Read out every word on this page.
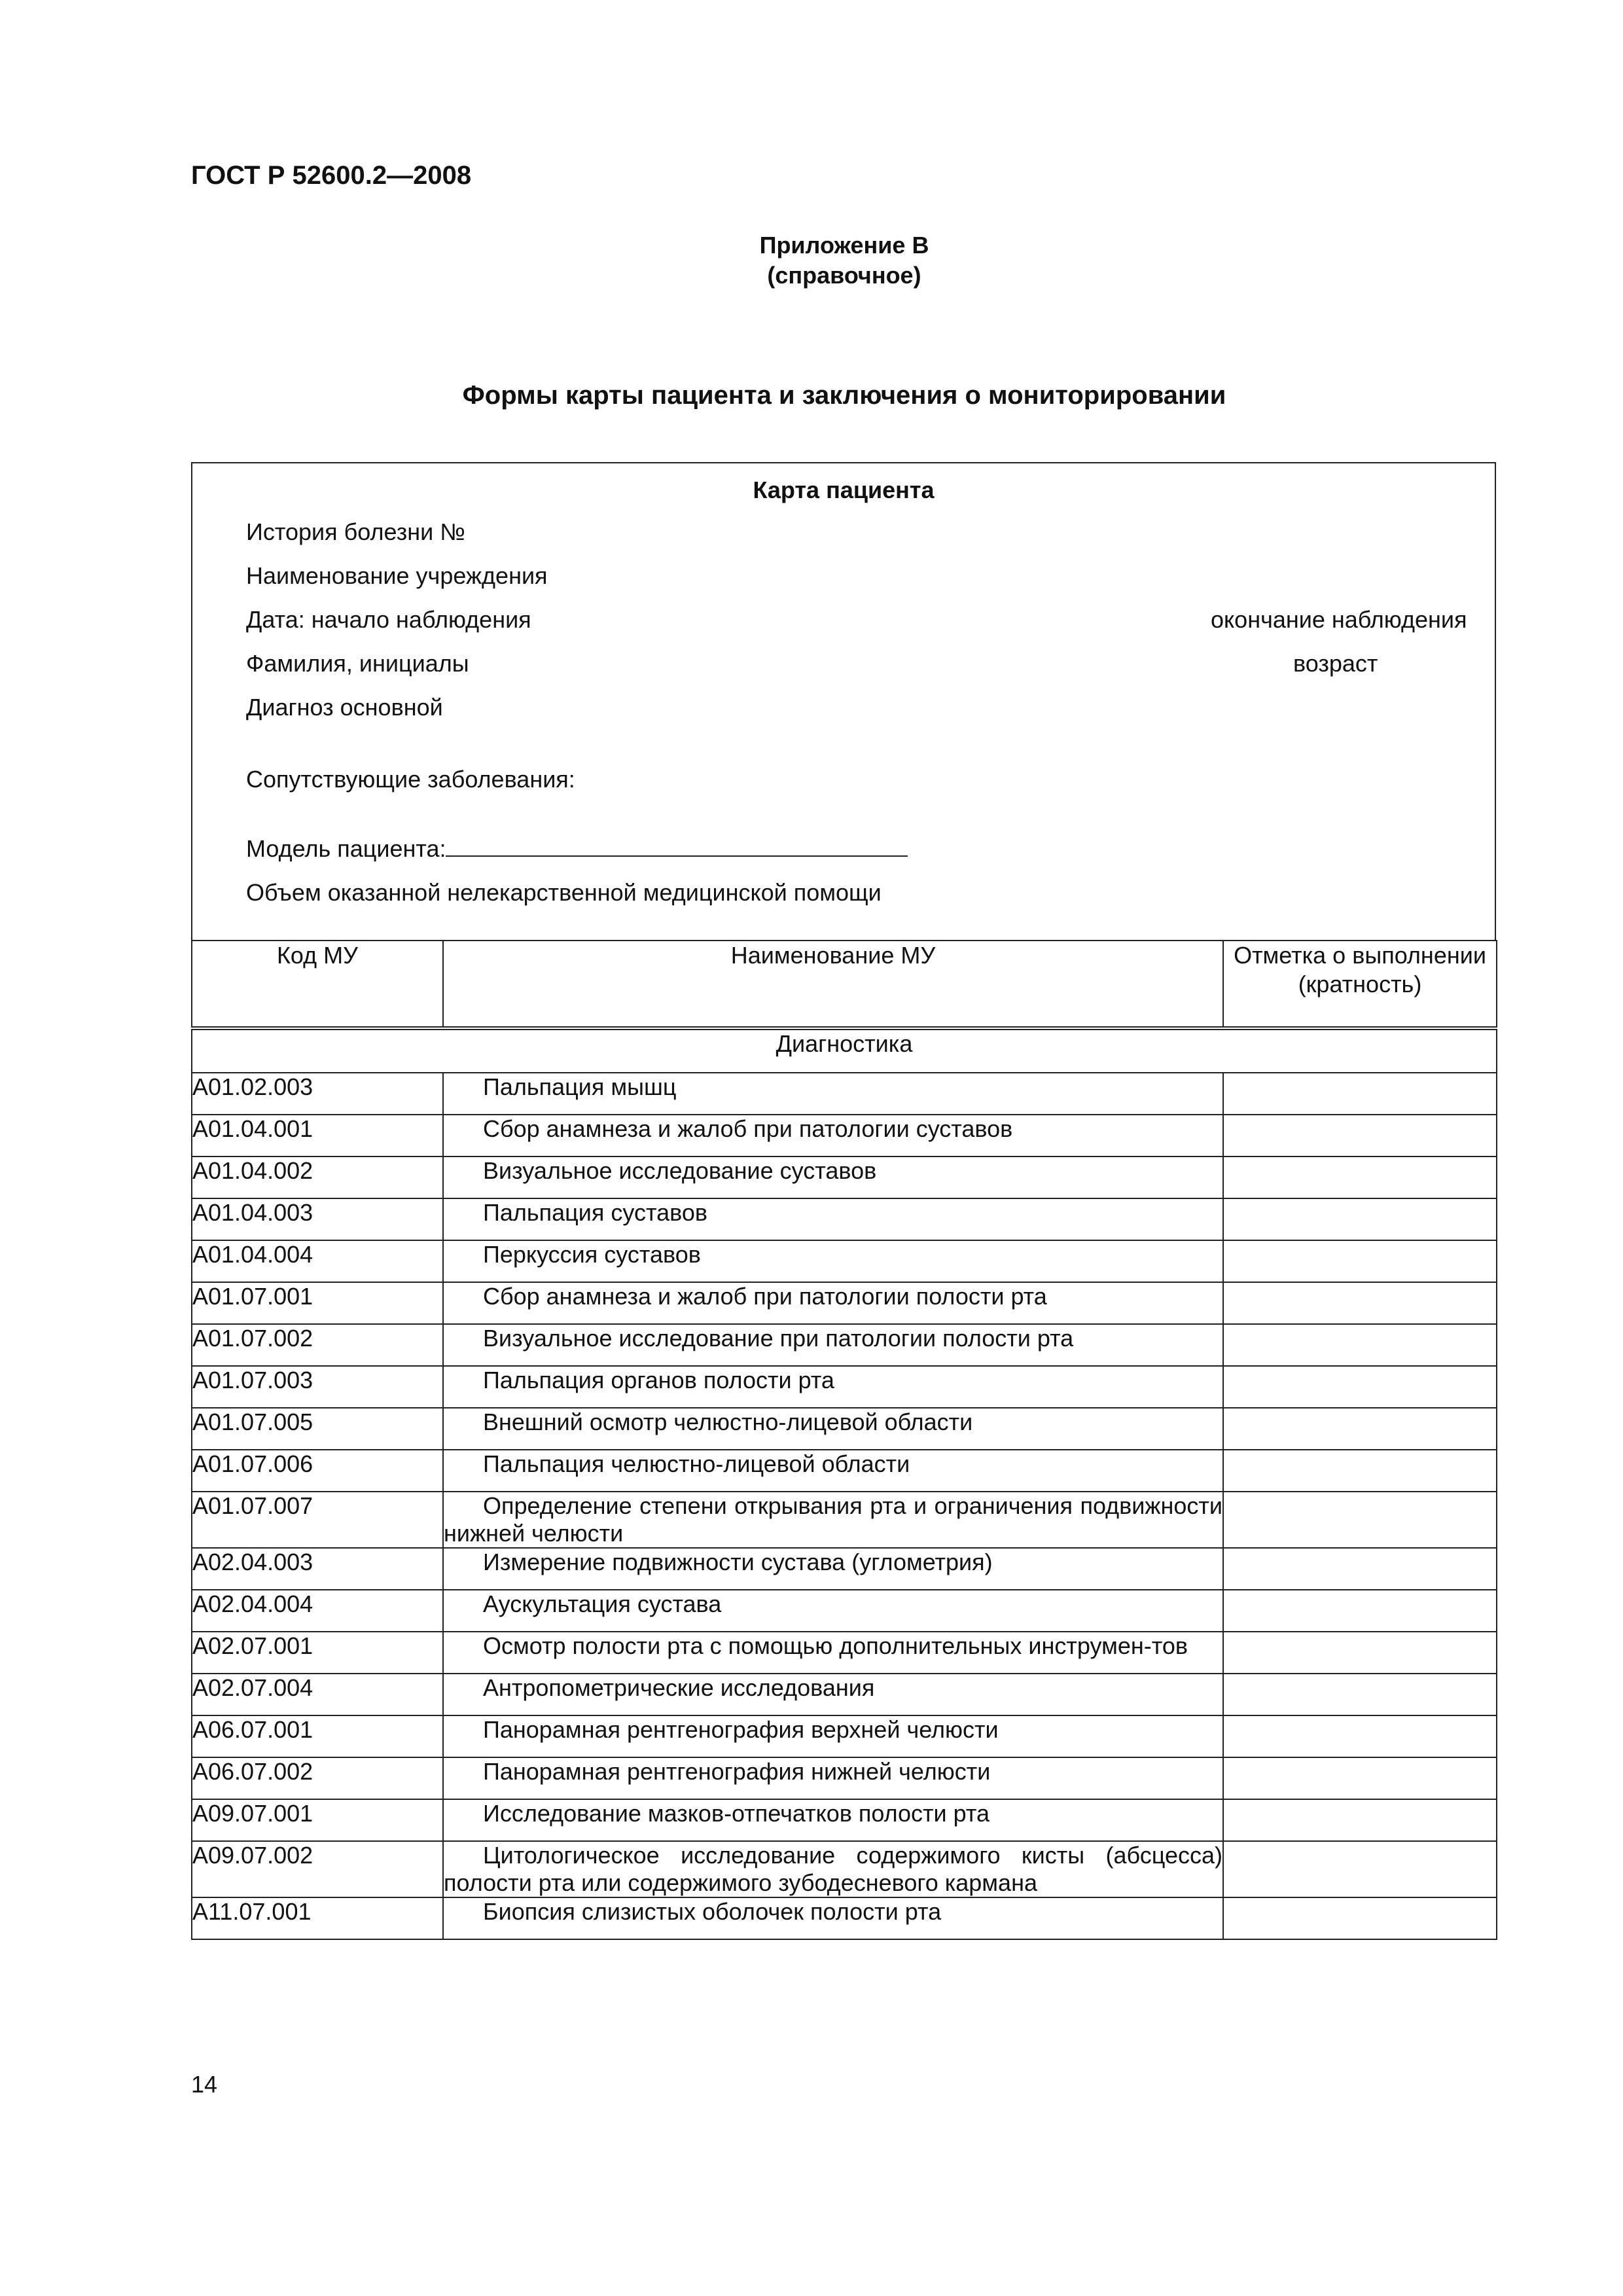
ГОСТ Р 52600.2—2008
Приложение В
(справочное)
Формы карты пациента и заключения о мониторировании
Карта пациента
История болезни №
Наименование учреждения
Дата: начало наблюдения	окончание наблюдения
Фамилия, инициалы	возраст
Диагноз основной
Сопутствующие заболевания:
Модель пациента:
Объем оказанной нелекарственной медицинской помощи
Код МУ	Наименование МУ	Отметка о выполнении (кратность)
Диагностика		
A01.02.003	Пальпация мышц	
A01.04.001	Сбор анамнеза и жалоб при патологии суставов	
A01.04.002	Визуальное исследование суставов	
A01.04.003	Пальпация суставов	
A01.04.004	Перкуссия суставов	
A01.07.001	Сбор анамнеза и жалоб при патологии полости рта	
A01.07.002	Визуальное исследование при патологии полости рта	
A01.07.003	Пальпация органов полости рта	
A01.07.005	Внешний осмотр челюстно-лицевой области	
A01.07.006	Пальпация челюстно-лицевой области	
A01.07.007	Определение степени открывания рта и ограничения подвижности нижней челюсти	
A02.04.003	Измерение подвижности сустава (углометрия)	
A02.04.004	Аускультация сустава	
A02.07.001	Осмотр полости рта с помощью дополнительных инструмен-тов	
A02.07.004	Антропометрические исследования	
A06.07.001	Панорамная рентгенография верхней челюсти	
A06.07.002	Панорамная рентгенография нижней челюсти	
A09.07.001	Исследование мазков-отпечатков полости рта	
A09.07.002	Цитологическое исследование содержимого кисты (абсцесса) полости рта или содержимого зубодесневого кармана	
A11.07.001	Биопсия слизистых оболочек полости рта	
14
